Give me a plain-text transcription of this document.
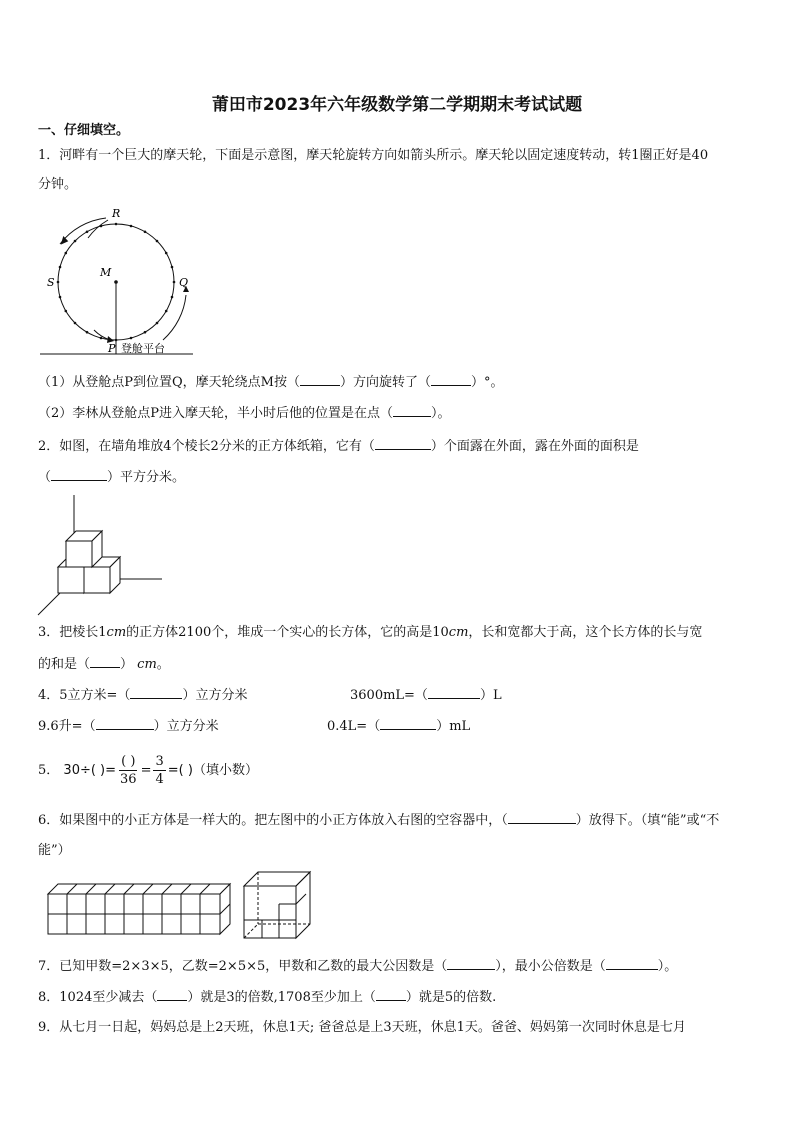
莆田市2023年六年级数学第二学期期末考试试题
一、仔细填空。
1．河畔有一个巨大的摩天轮，下面是示意图，摩天轮旋转方向如箭头所示。摩天轮以固定速度转动，转1圈正好是40
分钟。
R
M
S	Q
P 登舱平台
（1）从登舱点P到位置Q，摩天轮绕点M按（	）方向旋转了（	）°。
（2）李林从登舱点P进入摩天轮，半小时后他的位置是在点（	）。
2．如图，在墙角堆放4个棱长2分米的正方体纸箱，它有（	）个面露在外面，露在外面的面积是
（	）平方分米。
3．把棱长1cm的正方体2100个，堆成一个实心的长方体，它的高是10cm，长和宽都大于高，这个长方体的长与宽
的和是（ ） cm。
4．5立方米=（	）立方分米	3600mL=（	）L
9.6升=（	）立方分米	0.4L=（	）mL
5． 30÷( )= $\frac{( )}{36} = \frac{3}{4}$ =( )（填小数）
6．如果图中的小正方体是一样大的。把左图中的小正方体放入右图的空容器中，（	）放得下。（填“能”或“不
能”）
7．已知甲数=2×3×5，乙数=2×5×5，甲数和乙数的最大公因数是（	），最小公倍数是（	）。
8．1024至少减去（ ）就是3的倍数,1708至少加上（ ）就是5的倍数.
9．从七月一日起，妈妈总是上2天班，休息1天; 爸爸总是上3天班，休息1天。爸爸、妈妈第一次同时休息是七月
